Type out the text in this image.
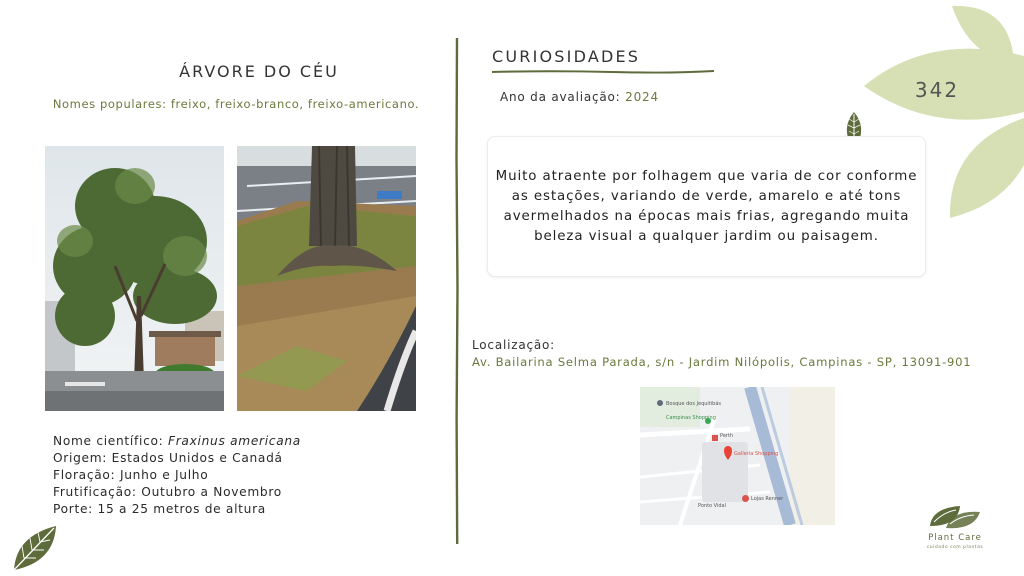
ÁRVORE DO CÉU
Nomes populares: freixo, freixo-branco, freixo-americano.
Nome científico: Fraxinus americana
Origem: Estados Unidos e Canadá
Floração: Junho e Julho
Frutificação: Outubro a Novembro
Porte: 15 a 25 metros de altura
CURIOSIDADES
Ano da avaliação: 2024	342

Muito atraente por folhagem que varia de cor conforme as estações, variando de verde, amarelo e até tons avermelhados na épocas mais frias, agregando muita beleza visual a qualquer jardim ou paisagem.

Localização:
Av. Bailarina Selma Parada, s/n - Jardim Nilópolis, Campinas - SP, 13091-901
Bosque dos Jequitibás
Campinas Shopping
Perth
Galleria Shopping
Lojas Renner
Ponto Vidal
Plant Care
cuidado com plantas
